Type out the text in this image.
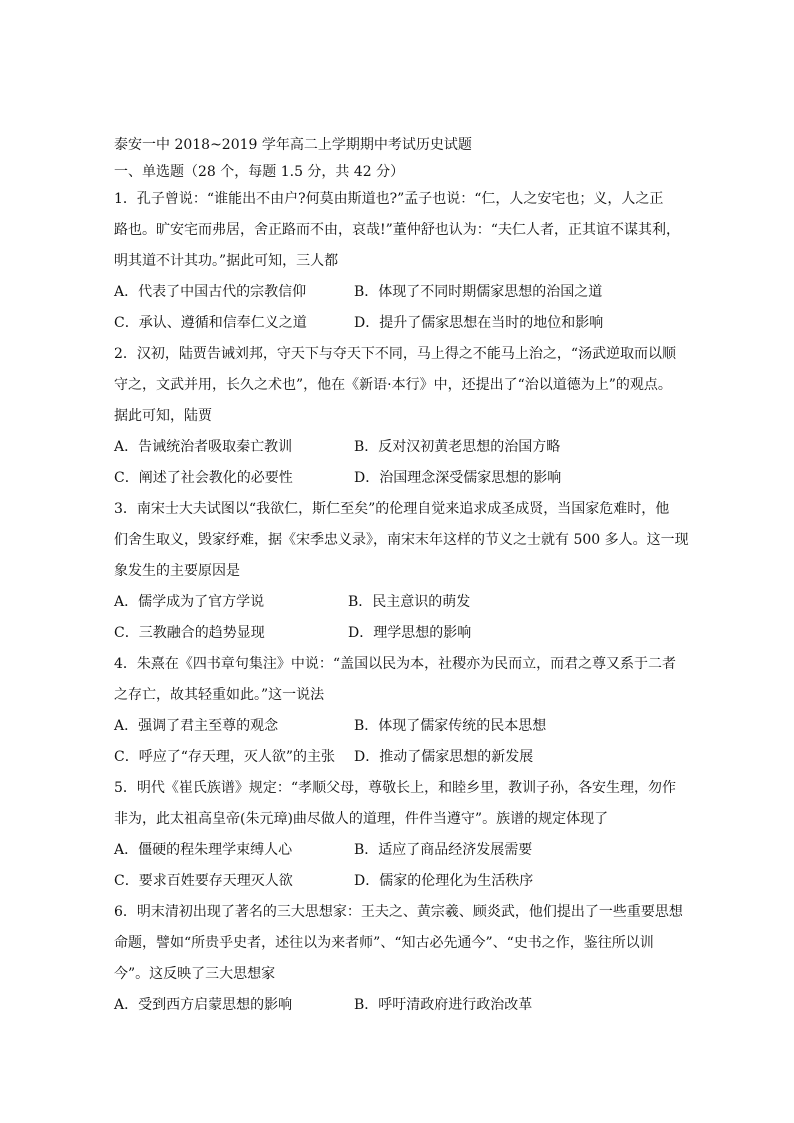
泰安一中 2018~2019 学年高二上学期期中考试历史试题
一、单选题（28 个，每题 1.5 分，共 42 分）
1．孔子曾说：“谁能出不由户?何莫由斯道也?”孟子也说：“仁，人之安宅也；义，人之正
路也。旷安宅而弗居，舍正路而不由，哀哉!”董仲舒也认为：“夫仁人者，正其谊不谋其利，
明其道不计其功。”据此可知，三人都
A．代表了中国古代的宗教信仰	B．体现了不同时期儒家思想的治国之道
C．承认、遵循和信奉仁义之道	D．提升了儒家思想在当时的地位和影响
2．汉初，陆贾告诫刘邦，守天下与夺天下不同，马上得之不能马上治之，“汤武逆取而以顺
守之，文武并用，长久之术也”，他在《新语·本行》中，还提出了“治以道德为上”的观点。
据此可知，陆贾
A．告诫统治者吸取秦亡教训	B．反对汉初黄老思想的治国方略
C．阐述了社会教化的必要性	D．治国理念深受儒家思想的影响
3．南宋士大夫试图以“我欲仁，斯仁至矣”的伦理自觉来追求成圣成贤，当国家危难时，他
们舍生取义，毁家纾难，据《宋季忠义录》，南宋末年这样的节义之士就有 500 多人。这一现
象发生的主要原因是
A．儒学成为了官方学说	B．民主意识的萌发
C．三教融合的趋势显现	D．理学思想的影响
4．朱熹在《四书章句集注》中说：“盖国以民为本，社稷亦为民而立，而君之尊又系于二者
之存亡，故其轻重如此。”这一说法
A．强调了君主至尊的观念	B．体现了儒家传统的民本思想
C．呼应了“存天理，灭人欲”的主张 D．推动了儒家思想的新发展
5．明代《崔氏族谱》规定：“孝顺父母，尊敬长上，和睦乡里，教训子孙，各安生理，勿作
非为，此太祖高皇帝(朱元璋)曲尽做人的道理，件件当遵守”。族谱的规定体现了
A．僵硬的程朱理学束缚人心	B．适应了商品经济发展需要
C．要求百姓要存天理灭人欲	D．儒家的伦理化为生活秩序
6．明末清初出现了著名的三大思想家：王夫之、黄宗羲、顾炎武，他们提出了一些重要思想
命题，譬如“所贵乎史者，述往以为来者师”、“知古必先通今”、“史书之作，鉴往所以训
今”。这反映了三大思想家
A．受到西方启蒙思想的影响	B．呼吁清政府进行政治改革
